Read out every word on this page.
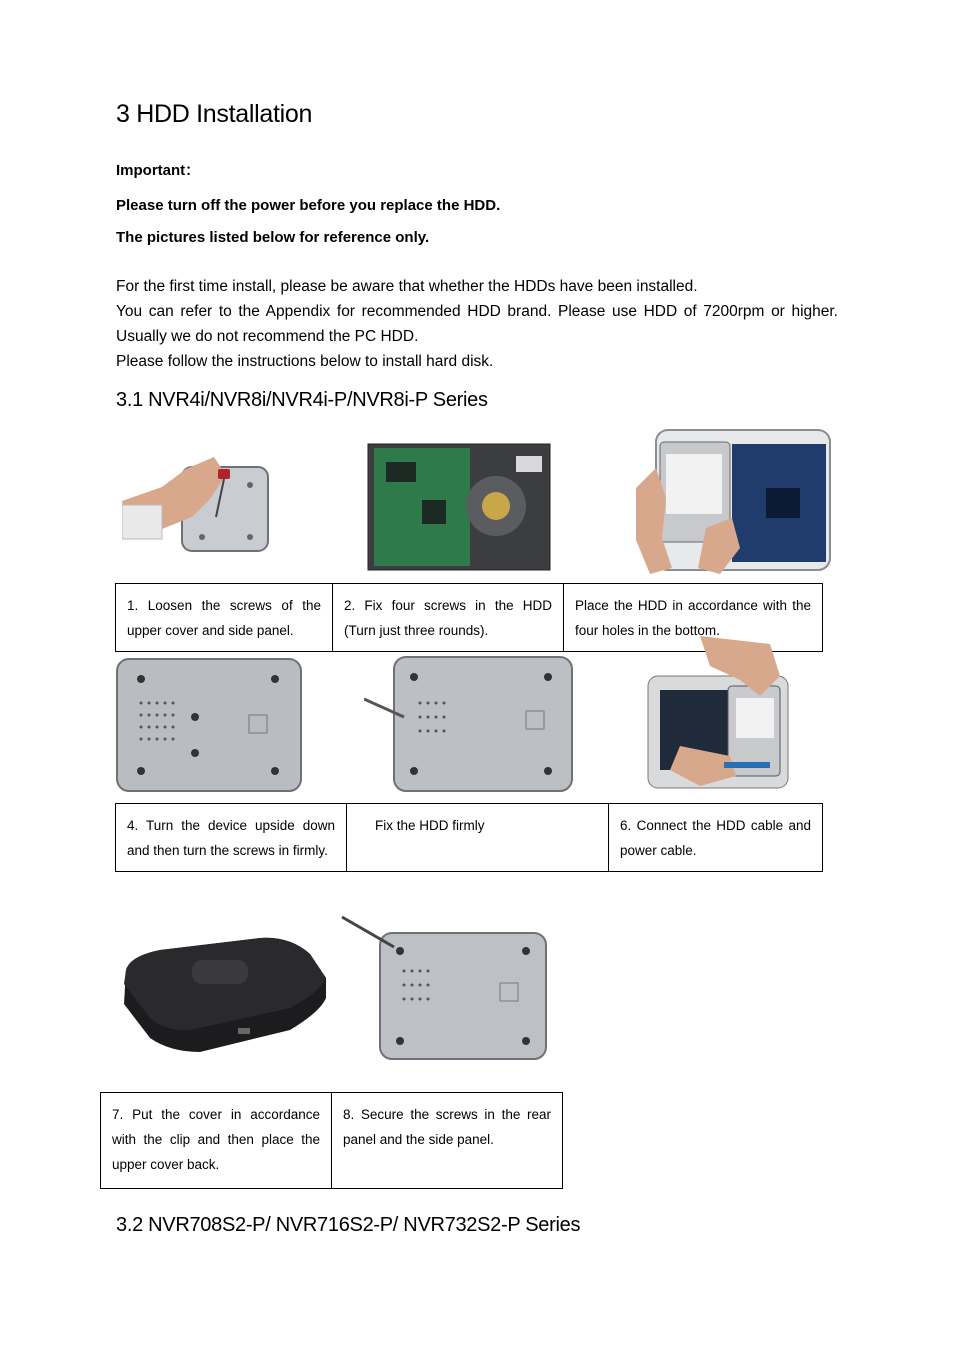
3 HDD Installation
Important：
Please turn off the power before you replace the HDD.
The pictures listed below for reference only.

For the first time install, please be aware that whether the HDDs have been installed.

You can refer to the Appendix for recommended HDD brand. Please use HDD of 7200rpm or higher. Usually we do not recommend the PC HDD.

Please follow the instructions below to install hard disk.

3.1 NVR4i/NVR8i/NVR4i-P/NVR8i-P Series
1. Loosen the screws of the upper cover and side panel.	2. Fix four screws in the HDD (Turn just three rounds).	Place the HDD in accordance with the four holes in the bottom.
4. Turn the device upside down and then turn the screws in firmly.	Fix the HDD firmly	6. Connect the HDD cable and power cable.
7. Put the cover in accordance with the clip and then place the upper cover back.	8. Secure the screws in the rear panel and the side panel.
3.2 NVR708S2-P/ NVR716S2-P/ NVR732S2-P Series
